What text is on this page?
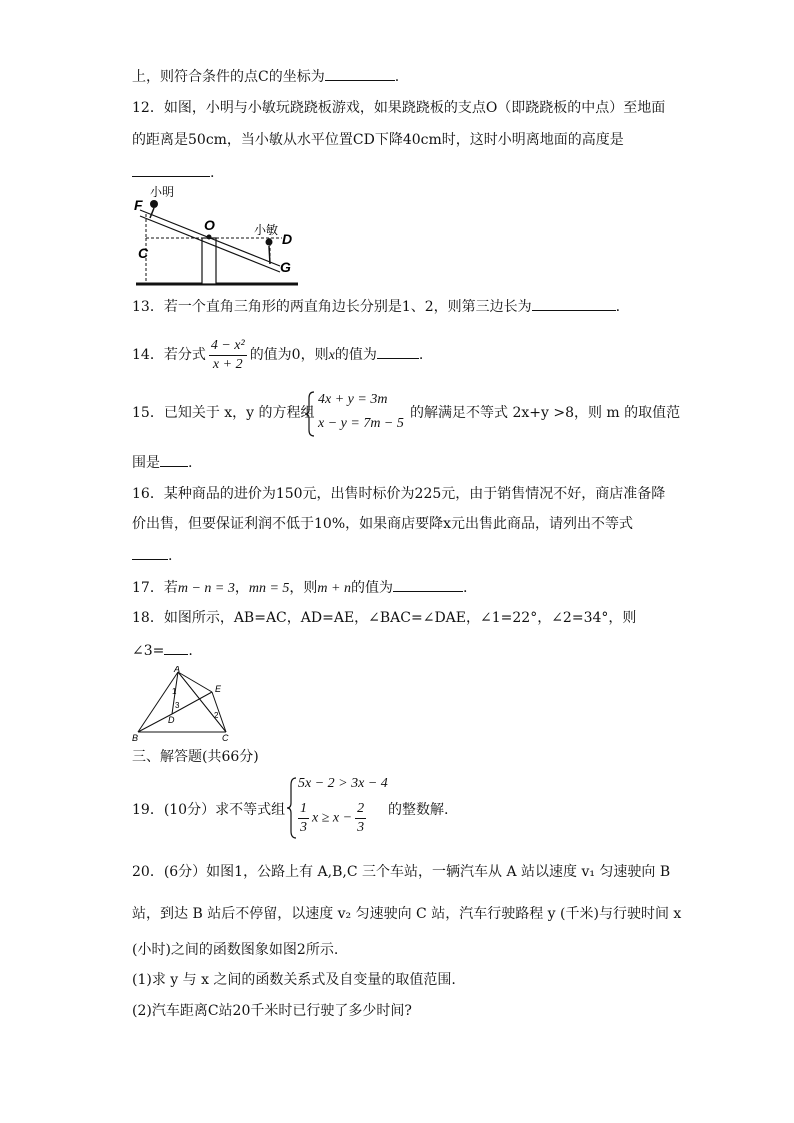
上，则符合条件的点C的坐标为	.
12．如图，小明与小敏玩跷跷板游戏，如果跷跷板的支点O（即跷跷板的中点）至地面
的距离是50cm，当小敏从水平位置CD下降40cm时，这时小明离地面的高度是
.
小明
小敏
F
O
C
D
G
13．若一个直角三角形的两直角边长分别是1、2，则第三边长为	.
14．若分式 $\frac{\text{4 − x²}}{x + 2}$ 的值为0，则x的值为	.
15．已知关于 x，y 的方程组
4x + y = 3m
x − y = 7m − 5
的解满足不等式 2x+y >8，则 m 的取值范
围是 .
16．某种商品的进价为150元，出售时标价为225元，由于销售情况不好，商店准备降
价出售，但要保证利润不低于10%，如果商店要降x元出售此商品，请列出不等式
.
17．若m − n = 3，mn = 5，则m + n的值为	.
18．如图所示，AB=AC，AD=AE，∠BAC=∠DAE，∠1=22°，∠2=34°，则
∠3= .
A
B	C
D
E
1
2
3
三、解答题(共66分)
19．(10分）求不等式组
5x − 2 > 3x − 4
$\frac{1}{3}$ $x \ge x - \frac{2}{3}$ 的整数解.
20．(6分）如图1，公路上有 A,B,C 三个车站，一辆汽车从 A 站以速度 v₁ 匀速驶向 B
站，到达 B 站后不停留，以速度 v₂ 匀速驶向 C 站，汽车行驶路程 y (千米)与行驶时间 x
(小时)之间的函数图象如图2所示.
(1)求 y 与 x 之间的函数关系式及自变量的取值范围.
(2)汽车距离C站20千米时已行驶了多少时间?
